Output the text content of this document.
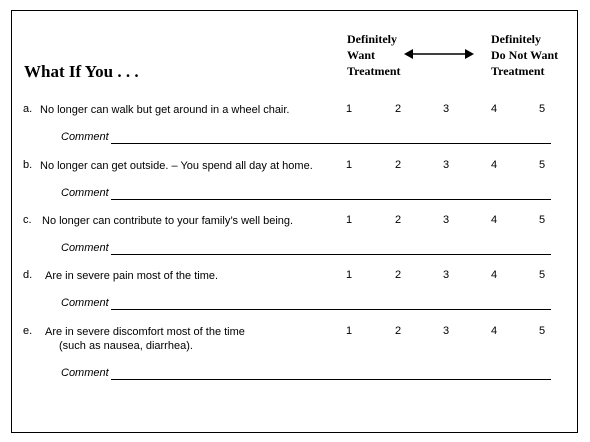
What If You . . .
Definitely
Want
Treatment
Definitely
Do Not Want
Treatment
a. No longer can walk but get around in a wheel chair.	1	2	3	4	5
Comment
b. No longer can get outside. – You spend all day at home.	1	2	3	4	5
Comment
c. No longer can contribute to your family’s well being.	1	2	3	4	5
Comment
d. Are in severe pain most of the time.	1	2	3	4	5
Comment
e. Are in severe discomfort most of the time
(such as nausea, diarrhea).
1	2	3	4	5
Comment
